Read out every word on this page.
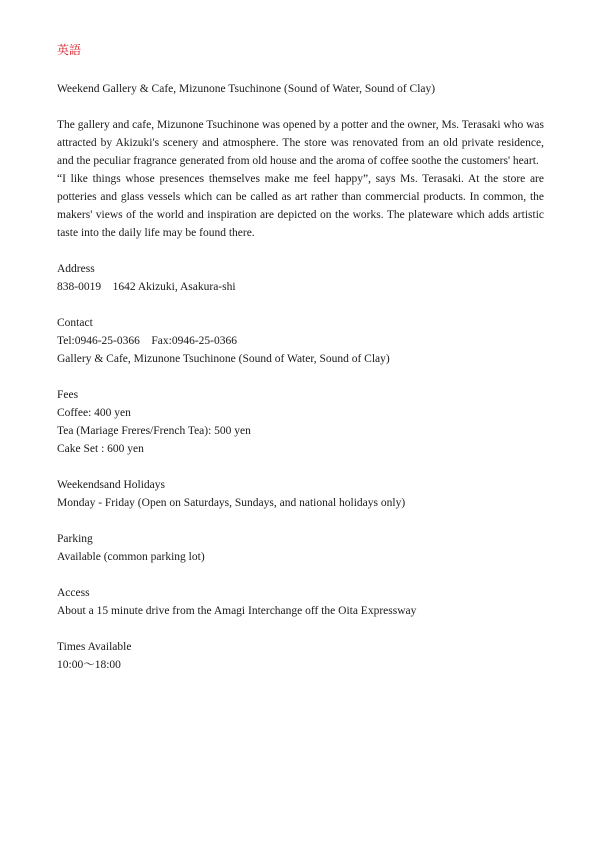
英語
Weekend Gallery & Cafe, Mizunone Tsuchinone (Sound of Water, Sound of Clay)

The gallery and cafe, Mizunone Tsuchinone was opened by a potter and the owner, Ms. Terasaki who was attracted by Akizuki's scenery and atmosphere. The store was renovated from an old private residence, and the peculiar fragrance generated from old house and the aroma of coffee soothe the customers' heart.

“I like things whose presences themselves make me feel happy”, says Ms. Terasaki. At the store are potteries and glass vessels which can be called as art rather than commercial products. In common, the makers' views of the world and inspiration are depicted on the works. The plateware which adds artistic taste into the daily life may be found there.

Address

838-0019　1642 Akizuki, Asakura-shi

Contact

Tel:0946-25-0366　Fax:0946-25-0366

Gallery & Cafe, Mizunone Tsuchinone (Sound of Water, Sound of Clay)

Fees

Coffee: 400 yen

Tea (Mariage Freres/French Tea): 500 yen

Cake Set : 600 yen

Weekendsand Holidays

Monday - Friday (Open on Saturdays, Sundays, and national holidays only)

Parking

Available (common parking lot)

Access

About a 15 minute drive from the Amagi Interchange off the Oita Expressway

Times Available

10:00～18:00
